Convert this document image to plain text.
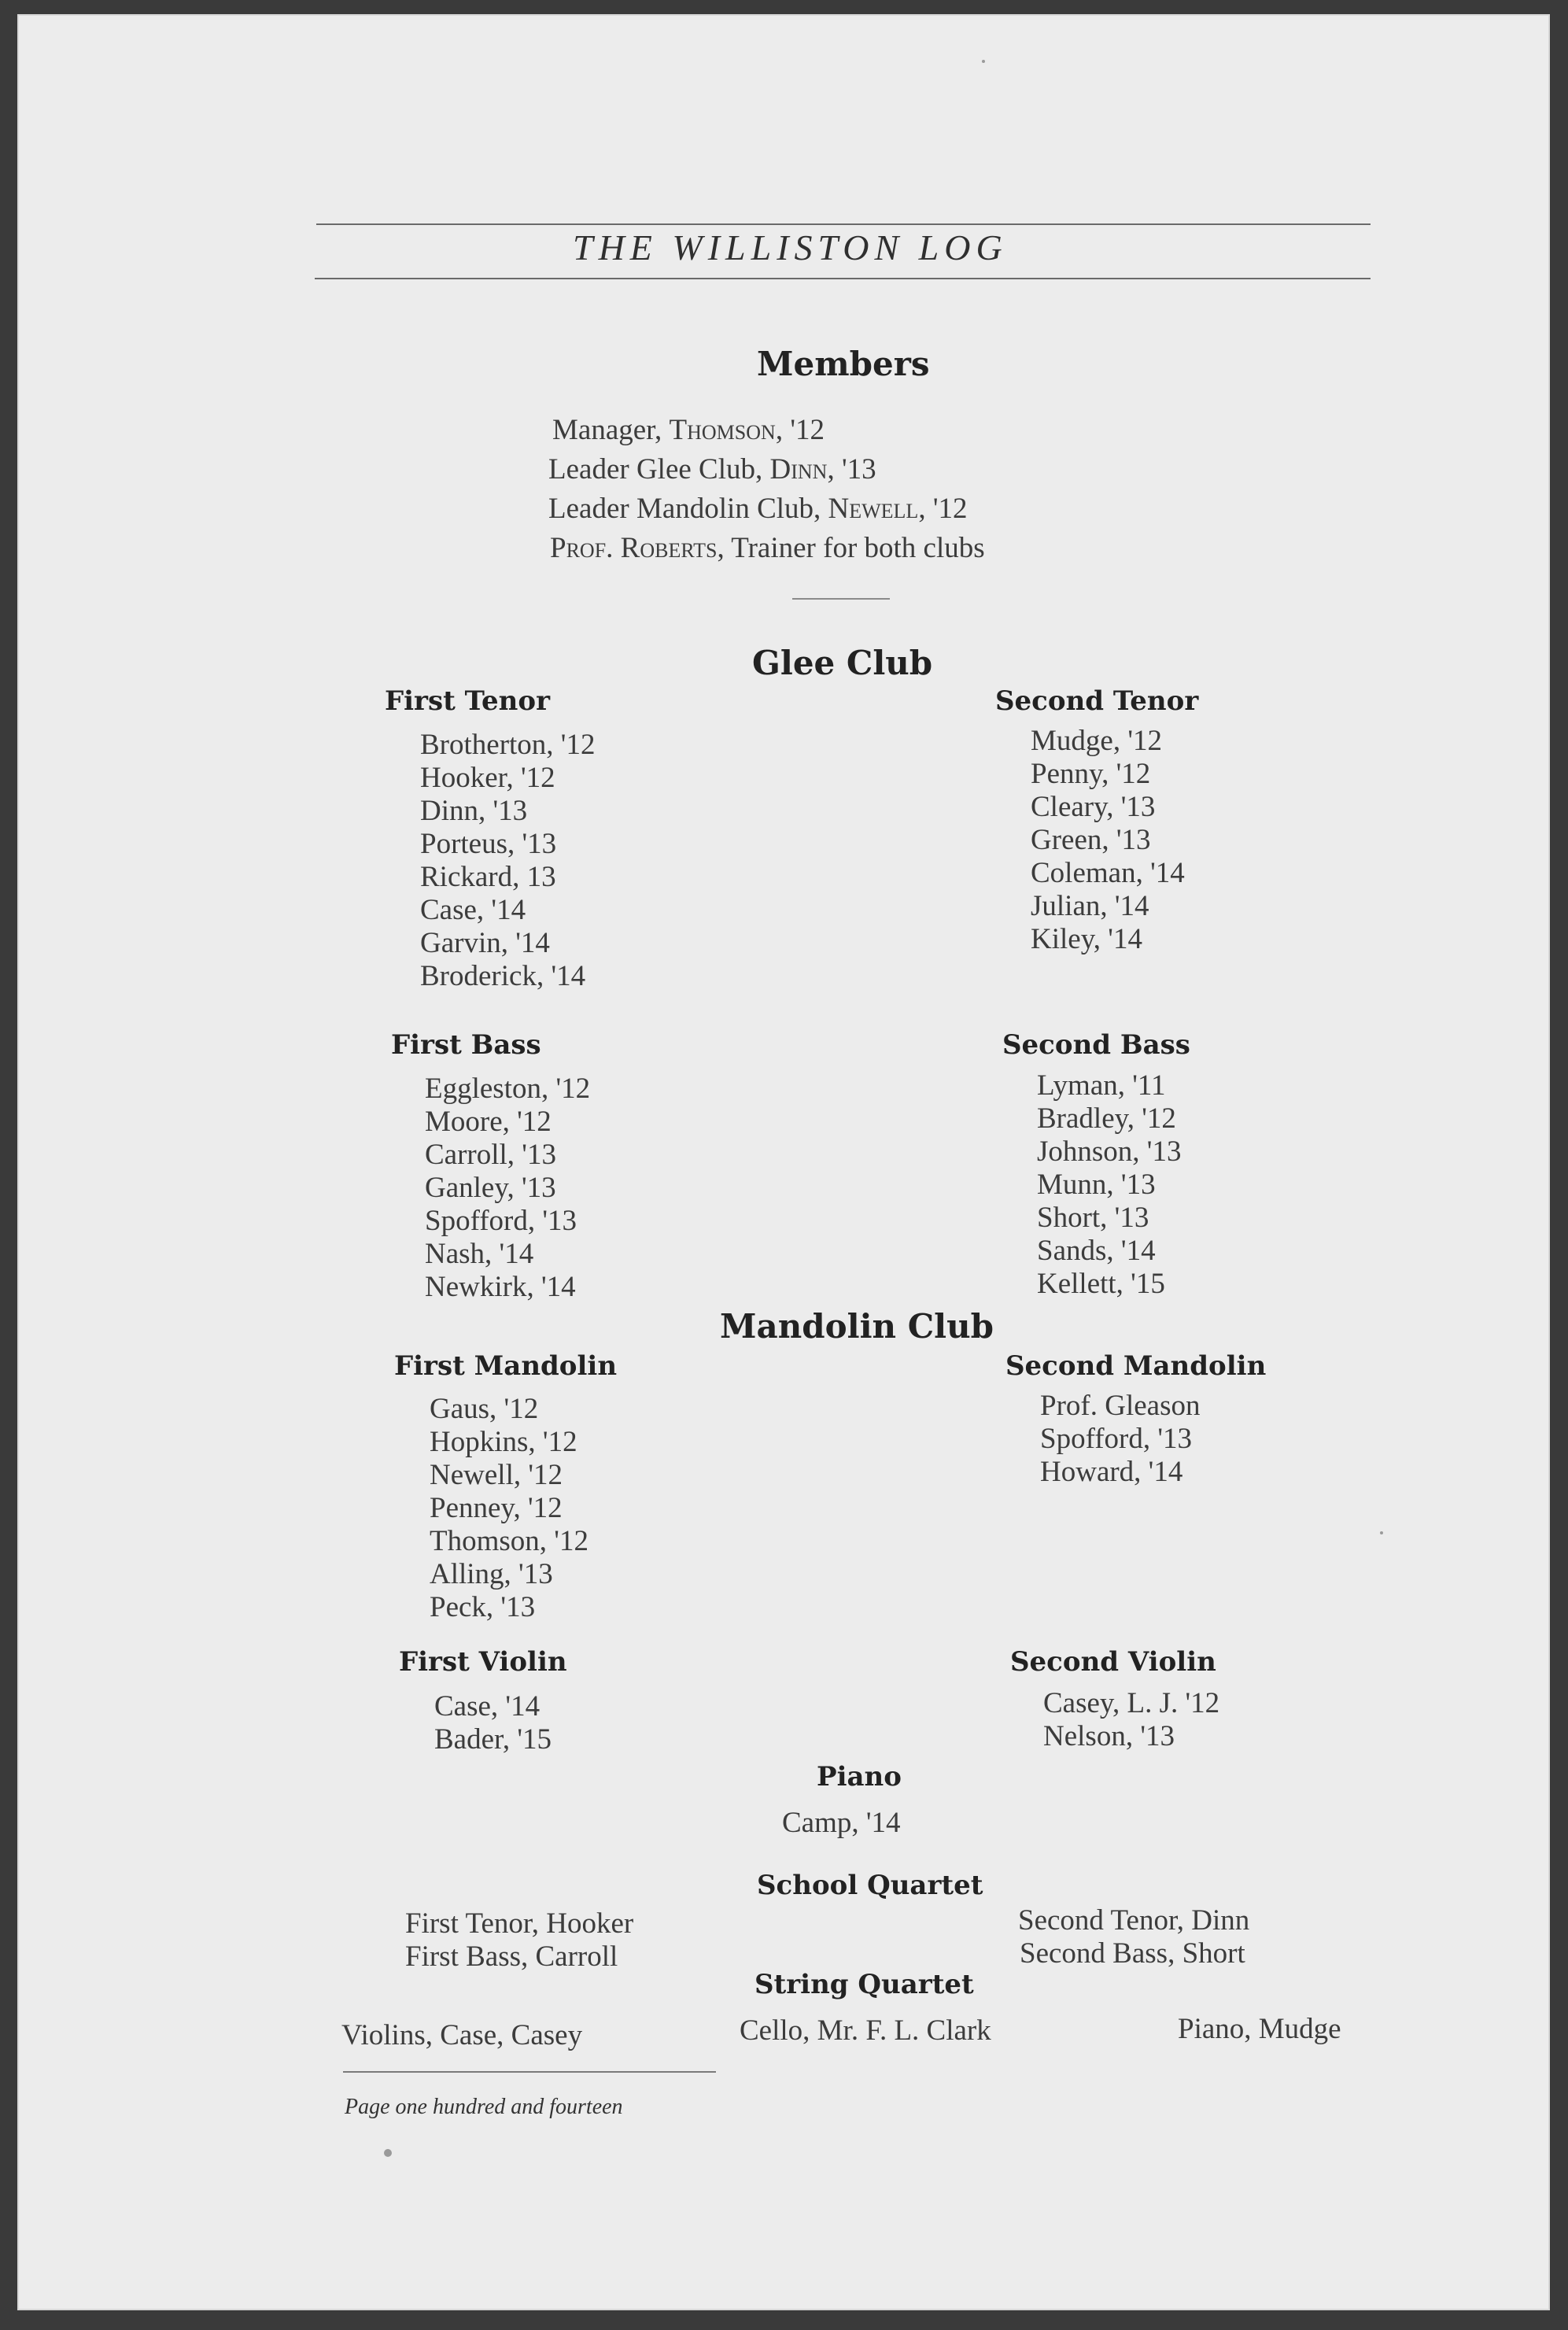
THE WILLISTON LOG
Members
Manager, Thomson, '12
Leader Glee Club, Dinn, '13
Leader Mandolin Club, Newell, '12
Prof. Roberts, Trainer for both clubs
Glee Club
First Tenor
Brotherton, '12
Hooker, '12
Dinn, '13
Porteus, '13
Rickard, 13
Case, '14
Garvin, '14
Broderick, '14
Second Tenor
Mudge, '12
Penny, '12
Cleary, '13
Green, '13
Coleman, '14
Julian, '14
Kiley, '14
First Bass
Eggleston, '12
Moore, '12
Carroll, '13
Ganley, '13
Spofford, '13
Nash, '14
Newkirk, '14
Second Bass
Lyman, '11
Bradley, '12
Johnson, '13
Munn, '13
Short, '13
Sands, '14
Kellett, '15
Mandolin Club
First Mandolin
Gaus, '12
Hopkins, '12
Newell, '12
Penney, '12
Thomson, '12
Alling, '13
Peck, '13
Second Mandolin
Prof. Gleason
Spofford, '13
Howard, '14
First Violin
Case, '14
Bader, '15
Second Violin
Casey, L. J. '12
Nelson, '13
Piano
Camp, '14
School Quartet
First Tenor, Hooker
First Bass, Carroll
Second Tenor, Dinn
Second Bass, Short
String Quartet
Violins, Case, Casey	Cello, Mr. F. L. Clark	Piano, Mudge
Page one hundred and fourteen
